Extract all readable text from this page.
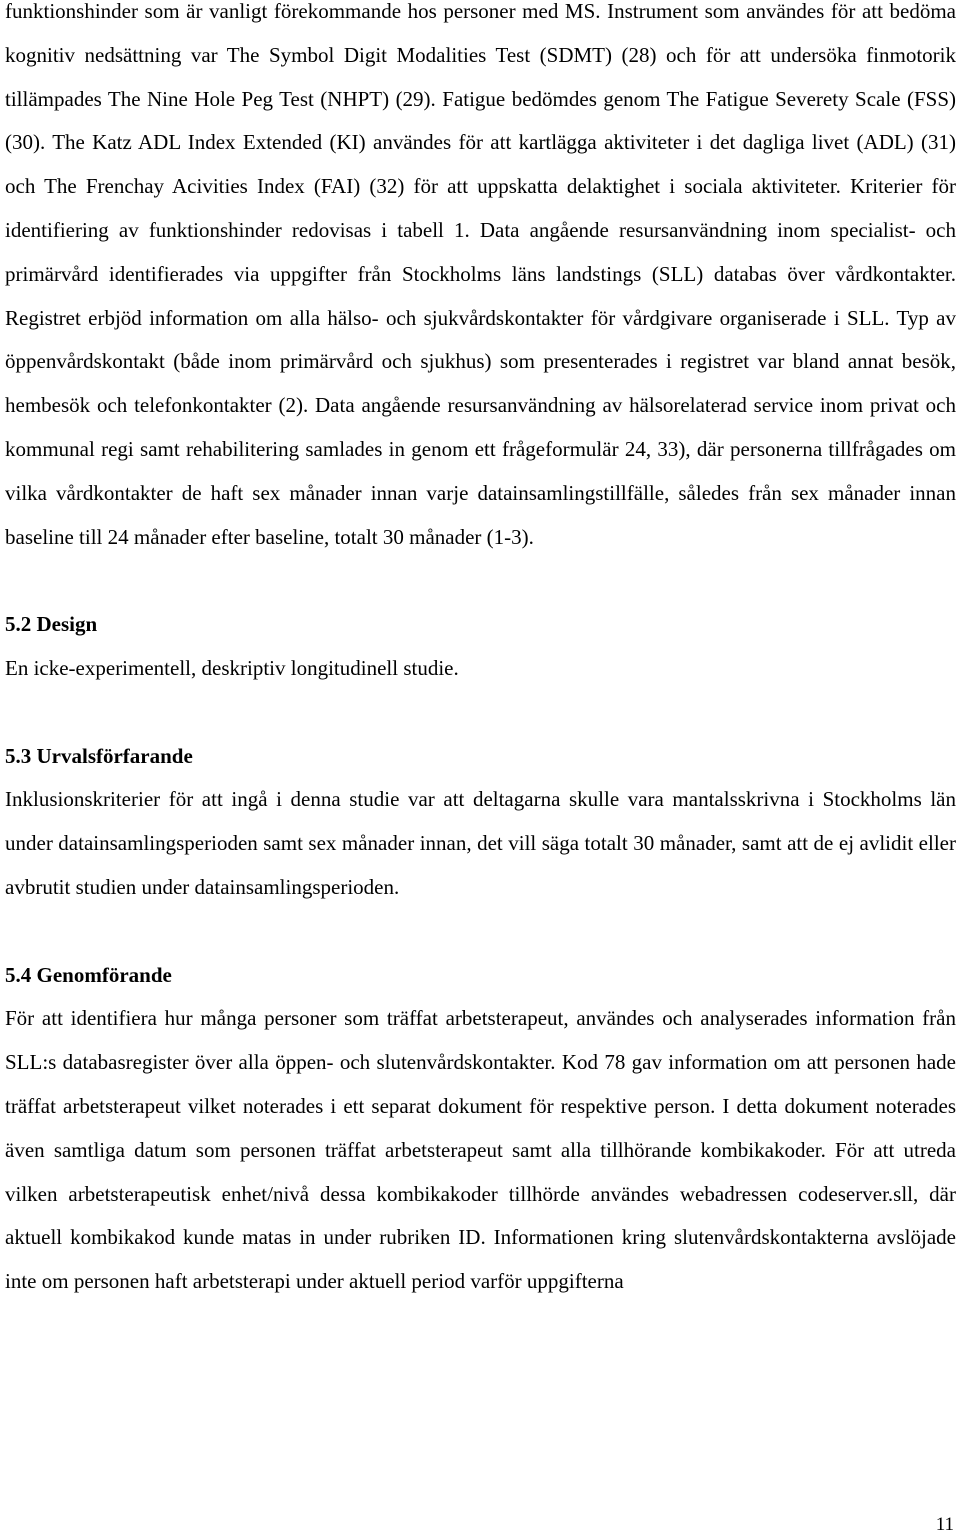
funktionshinder som är vanligt förekommande hos personer med MS. Instrument som användes för att bedöma kognitiv nedsättning var The Symbol Digit Modalities Test (SDMT) (28) och för att undersöka finmotorik tillämpades The Nine Hole Peg Test (NHPT) (29). Fatigue bedömdes genom The Fatigue Severety Scale (FSS) (30). The Katz ADL Index Extended (KI) användes för att kartlägga aktiviteter i det dagliga livet (ADL) (31) och The Frenchay Acivities Index (FAI) (32) för att uppskatta delaktighet i sociala aktiviteter. Kriterier för identifiering av funktionshinder redovisas i tabell 1. Data angående resursanvändning inom specialist- och primärvård identifierades via uppgifter från Stockholms läns landstings (SLL) databas över vårdkontakter. Registret erbjöd information om alla hälso- och sjukvårdskontakter för vårdgivare organiserade i SLL. Typ av öppenvårdskontakt (både inom primärvård och sjukhus) som presenterades i registret var bland annat besök, hembesök och telefonkontakter (2). Data angående resursanvändning av hälsorelaterad service inom privat och kommunal regi samt rehabilitering samlades in genom ett frågeformulär 24, 33), där personerna tillfrågades om vilka vårdkontakter de haft sex månader innan varje datainsamlingstillfälle, således från sex månader innan baseline till 24 månader efter baseline, totalt 30 månader (1-3).

5.2 Design

En icke-experimentell, deskriptiv longitudinell studie.

5.3 Urvalsförfarande

Inklusionskriterier för att ingå i denna studie var att deltagarna skulle vara mantalsskrivna i Stockholms län under datainsamlingsperioden samt sex månader innan, det vill säga totalt 30 månader, samt att de ej avlidit eller avbrutit studien under datainsamlingsperioden.

5.4 Genomförande

För att identifiera hur många personer som träffat arbetsterapeut, användes och analyserades information från SLL:s databasregister över alla öppen- och slutenvårdskontakter. Kod 78 gav information om att personen hade träffat arbetsterapeut vilket noterades i ett separat dokument för respektive person. I detta dokument noterades även samtliga datum som personen träffat arbetsterapeut samt alla tillhörande kombikakoder. För att utreda vilken arbetsterapeutisk enhet/nivå dessa kombikakoder tillhörde användes webadressen codeserver.sll, där aktuell kombikakod kunde matas in under rubriken ID. Informationen kring slutenvårdskontakterna avslöjade inte om personen haft arbetsterapi under aktuell period varför uppgifterna

11
